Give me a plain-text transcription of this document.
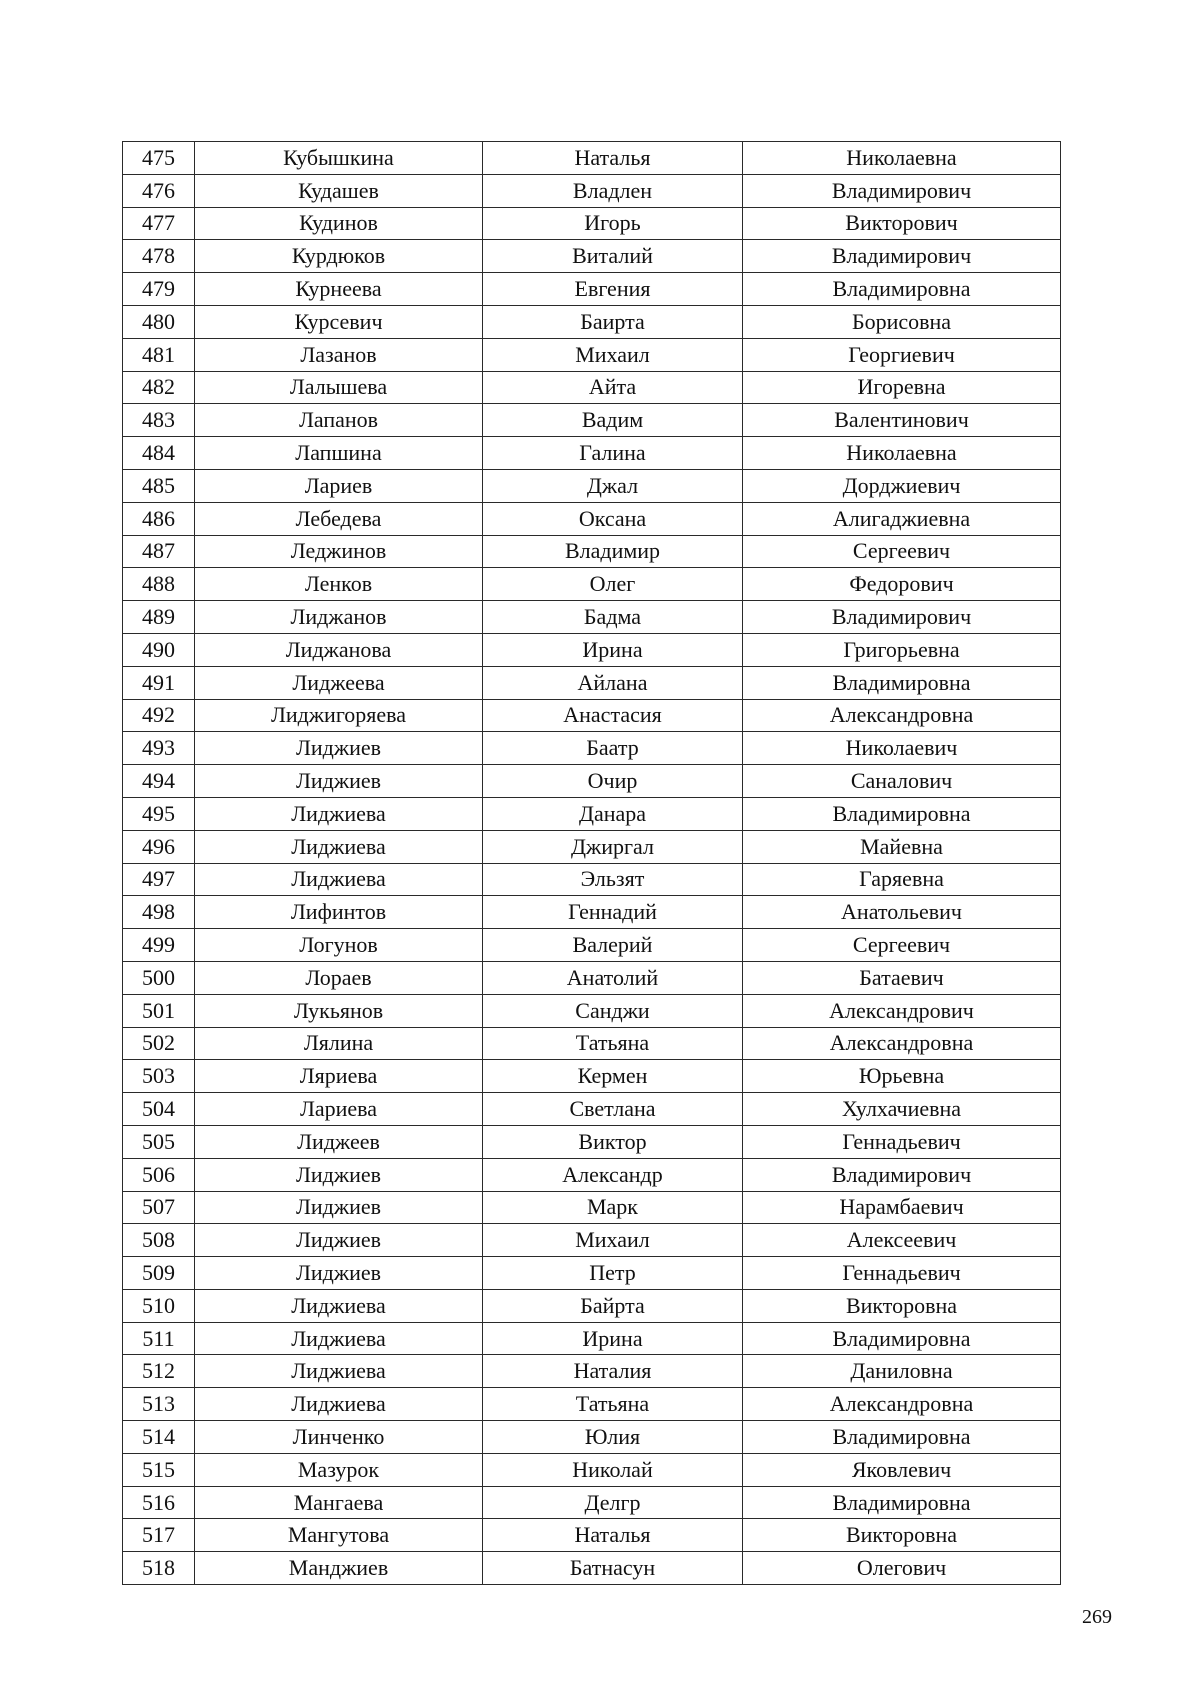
475	Кубышкина	Наталья	Николаевна
476	Кудашев	Владлен	Владимирович
477	Кудинов	Игорь	Викторович
478	Курдюков	Виталий	Владимирович
479	Курнеева	Евгения	Владимировна
480	Курсевич	Баирта	Борисовна
481	Лазанов	Михаил	Георгиевич
482	Лалышева	Айта	Игоревна
483	Лапанов	Вадим	Валентинович
484	Лапшина	Галина	Николаевна
485	Лариев	Джал	Дорджиевич
486	Лебедева	Оксана	Алигаджиевна
487	Леджинов	Владимир	Сергеевич
488	Ленков	Олег	Федорович
489	Лиджанов	Бадма	Владимирович
490	Лиджанова	Ирина	Григорьевна
491	Лиджеева	Айлана	Владимировна
492	Лиджигоряева	Анастасия	Александровна
493	Лиджиев	Баатр	Николаевич
494	Лиджиев	Очир	Саналович
495	Лиджиева	Данара	Владимировна
496	Лиджиева	Джиргал	Майевна
497	Лиджиева	Эльзят	Гаряевна
498	Лифинтов	Геннадий	Анатольевич
499	Логунов	Валерий	Сергеевич
500	Лораев	Анатолий	Батаевич
501	Лукьянов	Санджи	Александрович
502	Лялина	Татьяна	Александровна
503	Ляриева	Кермен	Юрьевна
504	Лариева	Светлана	Хулхачиевна
505	Лиджеев	Виктор	Геннадьевич
506	Лиджиев	Александр	Владимирович
507	Лиджиев	Марк	Нарамбаевич
508	Лиджиев	Михаил	Алексеевич
509	Лиджиев	Петр	Геннадьевич
510	Лиджиева	Байрта	Викторовна
511	Лиджиева	Ирина	Владимировна
512	Лиджиева	Наталия	Даниловна
513	Лиджиева	Татьяна	Александровна
514	Линченко	Юлия	Владимировна
515	Мазурок	Николай	Яковлевич
516	Мангаева	Делгр	Владимировна
517	Мангутова	Наталья	Викторовна
518	Манджиев	Батнасун	Олегович
269
